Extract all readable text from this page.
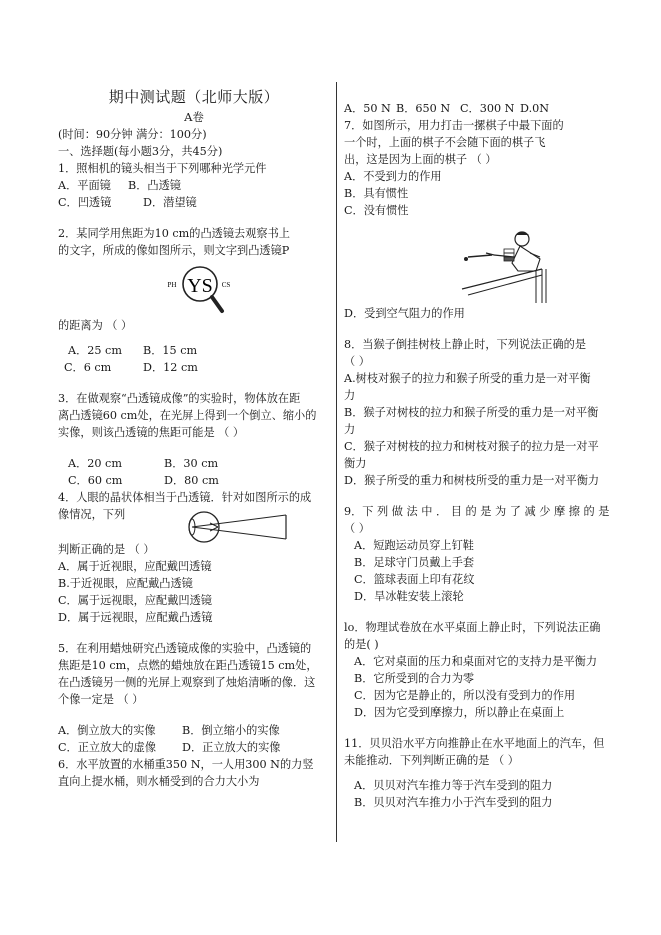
期中测试题（北师大版）
A卷
(时间：90分钟 满分：100分)
一、选择题(每小题3分，共45分)
1．照相机的镜头相当于下列哪种光学元件
A．平面镜	B．凸透镜
C．凹透镜	D．潜望镜
2．某同学用焦距为10 cm的凸透镜去观察书上
的文字，所成的像如图所示，则文字到凸透镜P
YS
PH	CS
的距离为 （ ）
A．25 cm	B．15 cm
C．6 cm	D．12 cm
3．在做观察“凸透镜成像”的实验时，物体放在距
离凸透镜60 cm处，在光屏上得到一个倒立、缩小的
实像，则该凸透镜的焦距可能是 （ ）
A．20 cm	B．30 cm
C．60 cm	D．80 cm
4．人眼的晶状体相当于凸透镜．针对如图所示的成
像情况，下列
判断正确的是 （ ）
A．属于近视眼，应配戴凹透镜
B.于近视眼，应配戴凸透镜
C．属于远视眼，应配戴凹透镜
D．属于远视眼，应配戴凸透镜
5．在利用蜡烛研究凸透镜成像的实验中，凸透镜的
焦距是10 cm，点燃的蜡烛放在距凸透镜15 cm处，
在凸透镜另一侧的光屏上观察到了烛焰清晰的像．这
个像一定是 （ ）
A．倒立放大的实像	B．倒立缩小的实像
C．正立放大的虚像	D．正立放大的实像
6．水平放置的水桶重350 N，一人用300 N的力竖
直向上提水桶，则水桶受到的合力大小为
A．50 N B．650 N C．300 N D.0N
7．如图所示，用力打击一摞棋子中最下面的
一个时，上面的棋子不会随下面的棋子飞
出，这是因为上面的棋子 （ ）
A．不受到力的作用
B．具有惯性
C．没有惯性
D．受到空气阻力的作用
8．当猴子倒挂树枝上静止时，下列说法正确的是
（ ）
A.树枝对猴子的拉力和猴子所受的重力是一对平衡
力
B．猴子对树枝的拉力和猴子所受的重力是一对平衡
力
C．猴子对树枝的拉力和树枝对猴子的拉力是一对平
衡力
D．猴子所受的重力和树枝所受的重力是一对平衡力
9．下 列 做 法 中 ． 目 的 是 为 了 减 少 摩 擦 的 是
（ ）
A．短跑运动员穿上钉鞋
B．足球守门员戴上手套
C．篮球表面上印有花纹
D．旱冰鞋安装上滚轮
lo．物理试卷放在水平桌面上静止时，下列说法正确
的是( )
A．它对桌面的压力和桌面对它的支持力是平衡力
B．它所受到的合力为零
C．因为它是静止的，所以没有受到力的作用
D．因为它受到摩擦力，所以静止在桌面上
11．贝贝沿水平方向推静止在水平地面上的汽车，但
未能推动．下列判断正确的是 （ ）
A．贝贝对汽车推力等于汽车受到的阻力
B．贝贝对汽车推力小于汽车受到的阻力
